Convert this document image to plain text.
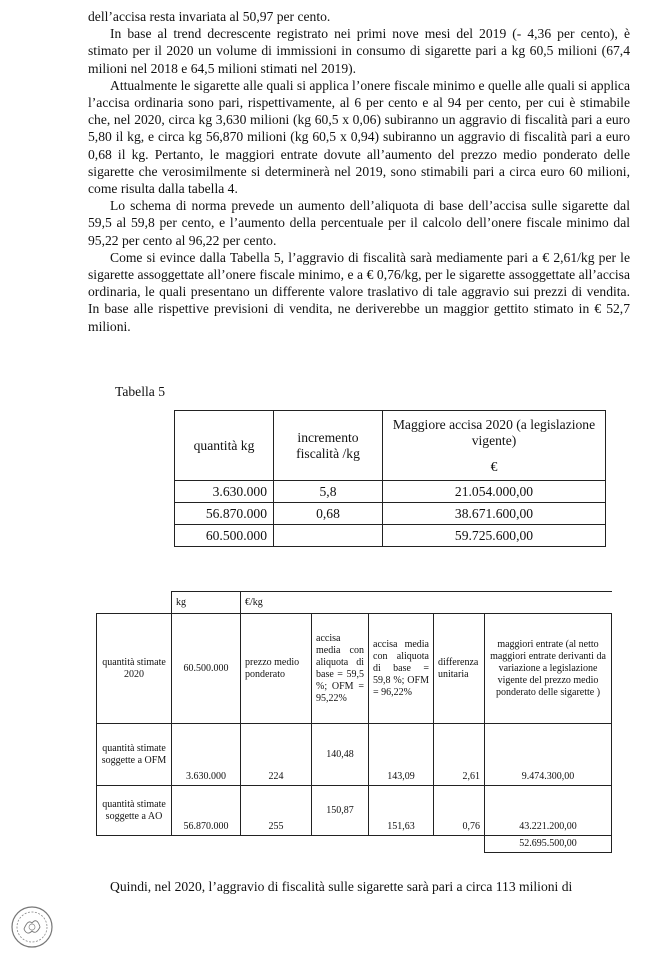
dell’accisa resta invariata al 50,97 per cento.

In base al trend decrescente registrato nei primi nove mesi del 2019 (- 4,36 per cento), è stimato per il 2020 un volume di immissioni in consumo di sigarette pari a kg 60,5 milioni (67,4 milioni nel 2018 e 64,5 milioni stimati nel 2019).

Attualmente le sigarette alle quali si applica l’onere fiscale minimo e quelle alle quali si applica l’accisa ordinaria sono pari, rispettivamente, al 6 per cento e al 94 per cento, per cui è stimabile che, nel 2020, circa kg 3,630 milioni (kg 60,5 x 0,06) subiranno un aggravio di fiscalità pari a euro 5,80 il kg, e circa kg 56,870 milioni (kg 60,5 x 0,94) subiranno un aggravio di fiscalità pari a euro 0,68 il kg. Pertanto, le maggiori entrate dovute all’aumento del prezzo medio ponderato delle sigarette che verosimilmente si determinerà nel 2019, sono stimabili pari a circa euro 60 milioni, come risulta dalla tabella 4.

Lo schema di norma prevede un aumento dell’aliquota di base dell’accisa sulle sigarette dal 59,5 al 59,8 per cento, e l’aumento della percentuale per il calcolo dell’onere fiscale minimo dal 95,22 per cento al 96,22 per cento.

Come si evince dalla Tabella 5, l’aggravio di fiscalità sarà mediamente pari a € 2,61/kg per le sigarette assoggettate all’onere fiscale minimo, e a € 0,76/kg, per le sigarette assoggettate all’accisa ordinaria, le quali presentano un differente valore traslativo di tale aggravio sui prezzi di vendita. In base alle rispettive previsioni di vendita, ne deriverebbe un maggior gettito stimato in € 52,7 milioni.

Tabella 5
quantità kg	incremento fiscalità /kg	Maggiore accisa 2020 (a legislazione vigente)
€

3.630.000	5,8	21.054.000,00
56.870.000	0,68	38.671.600,00
60.500.000		59.725.600,00
	kg	€/kg					
quantità stimate 2020	60.500.000	prezzo medio ponderato	accisa media con aliquota di base = 59,5 %; OFM = 95,22%	accisa media con aliquota di base = 59,8 %; OFM = 96,22%	differenza unitaria	maggiori entrate (al netto maggiori entrate derivanti da variazione a legislazione vigente del prezzo medio ponderato delle sigarette )	
quantità stimate soggette a OFM	3.630.000	224	140,48	143,09	2,61	9.474.300,00	
quantità stimate soggette a AO	56.870.000	255	150,87	151,63	0,76	43.221.200,00	
						52.695.500,00	
Quindi, nel 2020, l’aggravio di fiscalità sulle sigarette sarà pari a circa 113 milioni di
